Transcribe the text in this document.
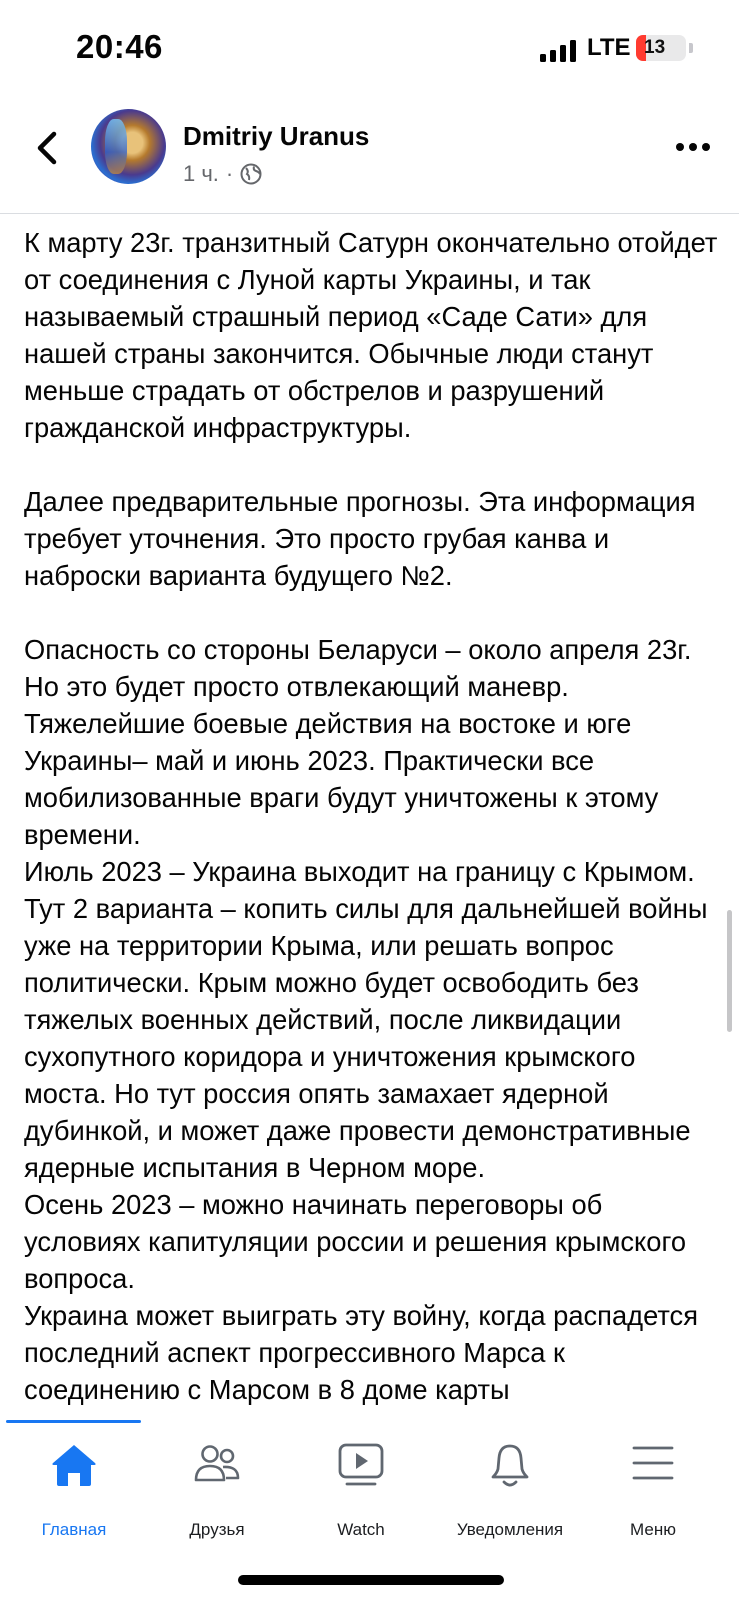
20:46	LTE 13
Dmitriy Uranus
1 ч. ·

К марту 23г. транзитный Сатурн окончательно отойдет от соединения с Луной карты Украины, и так называемый страшный период «Саде Сати» для нашей страны закончится. Обычные люди станут меньше страдать от обстрелов и разрушений гражданской инфраструктуры.

Далее предварительные прогнозы. Эта информация требует уточнения. Это просто грубая канва и наброски варианта будущего №2.

Опасность со стороны Беларуси – около апреля 23г. Но это будет просто отвлекающий маневр. Тяжелейшие боевые действия на востоке и юге Украины– май и июнь 2023. Практически все мобилизованные враги будут уничтожены к этому времени.
Июль 2023 – Украина выходит на границу с Крымом. Тут 2 варианта – копить силы для дальнейшей войны уже на территории Крыма, или решать вопрос политически. Крым можно будет освободить без тяжелых военных действий, после ликвидации сухопутного коридора и уничтожения крымского моста. Но тут россия опять замахает ядерной дубинкой, и может даже провести демонстративные ядерные испытания в Черном море.
Осень 2023 – можно начинать переговоры об условиях капитуляции россии и решения крымского вопроса.
Украина может выиграть эту войну, когда распадется последний аспект прогрессивного Марса к соединению с Марсом в 8 доме карты

Главная	Друзья	Watch	Уведомления	Меню
